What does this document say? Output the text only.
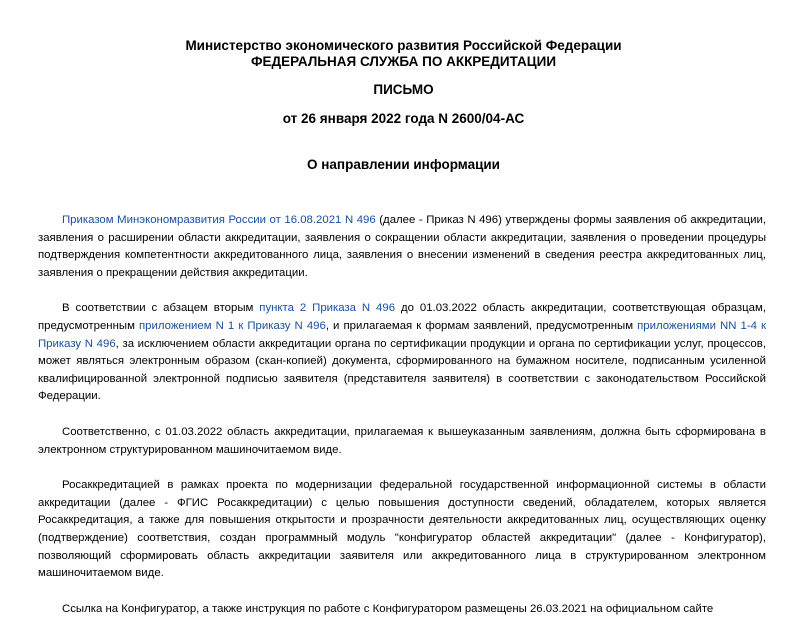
Министерство экономического развития Российской Федерации
ФЕДЕРАЛЬНАЯ СЛУЖБА ПО АККРЕДИТАЦИИ
ПИСЬМО
от 26 января 2022 года N 2600/04-АС
О направлении информации

Приказом Минэкономразвития России от 16.08.2021 N 496 (далее - Приказ N 496) утверждены формы заявления об аккредитации, заявления о расширении области аккредитации, заявления о сокращении области аккредитации, заявления о проведении процедуры подтверждения компетентности аккредитованного лица, заявления о внесении изменений в сведения реестра аккредитованных лиц, заявления о прекращении действия аккредитации.

В соответствии с абзацем вторым пункта 2 Приказа N 496 до 01.03.2022 область аккредитации, соответствующая образцам, предусмотренным приложением N 1 к Приказу N 496, и прилагаемая к формам заявлений, предусмотренным приложениями NN 1-4 к Приказу N 496, за исключением области аккредитации органа по сертификации продукции и органа по сертификации услуг, процессов, может являться электронным образом (скан-копией) документа, сформированного на бумажном носителе, подписанным усиленной квалифицированной электронной подписью заявителя (представителя заявителя) в соответствии с законодательством Российской Федерации.

Соответственно, с 01.03.2022 область аккредитации, прилагаемая к вышеуказанным заявлениям, должна быть сформирована в электронном структурированном машиночитаемом виде.

Росаккредитацией в рамках проекта по модернизации федеральной государственной информационной системы в области аккредитации (далее - ФГИС Росаккредитации) с целью повышения доступности сведений, обладателем, которых является Росаккредитация, а также для повышения открытости и прозрачности деятельности аккредитованных лиц, осуществляющих оценку (подтверждение) соответствия, создан программный модуль "конфигуратор областей аккредитации" (далее - Конфигуратор), позволяющий сформировать область аккредитации заявителя или аккредитованного лица в структурированном электронном машиночитаемом виде.

Ссылка на Конфигуратор, а также инструкция по работе с Конфигуратором размещены 26.03.2021 на официальном сайте
